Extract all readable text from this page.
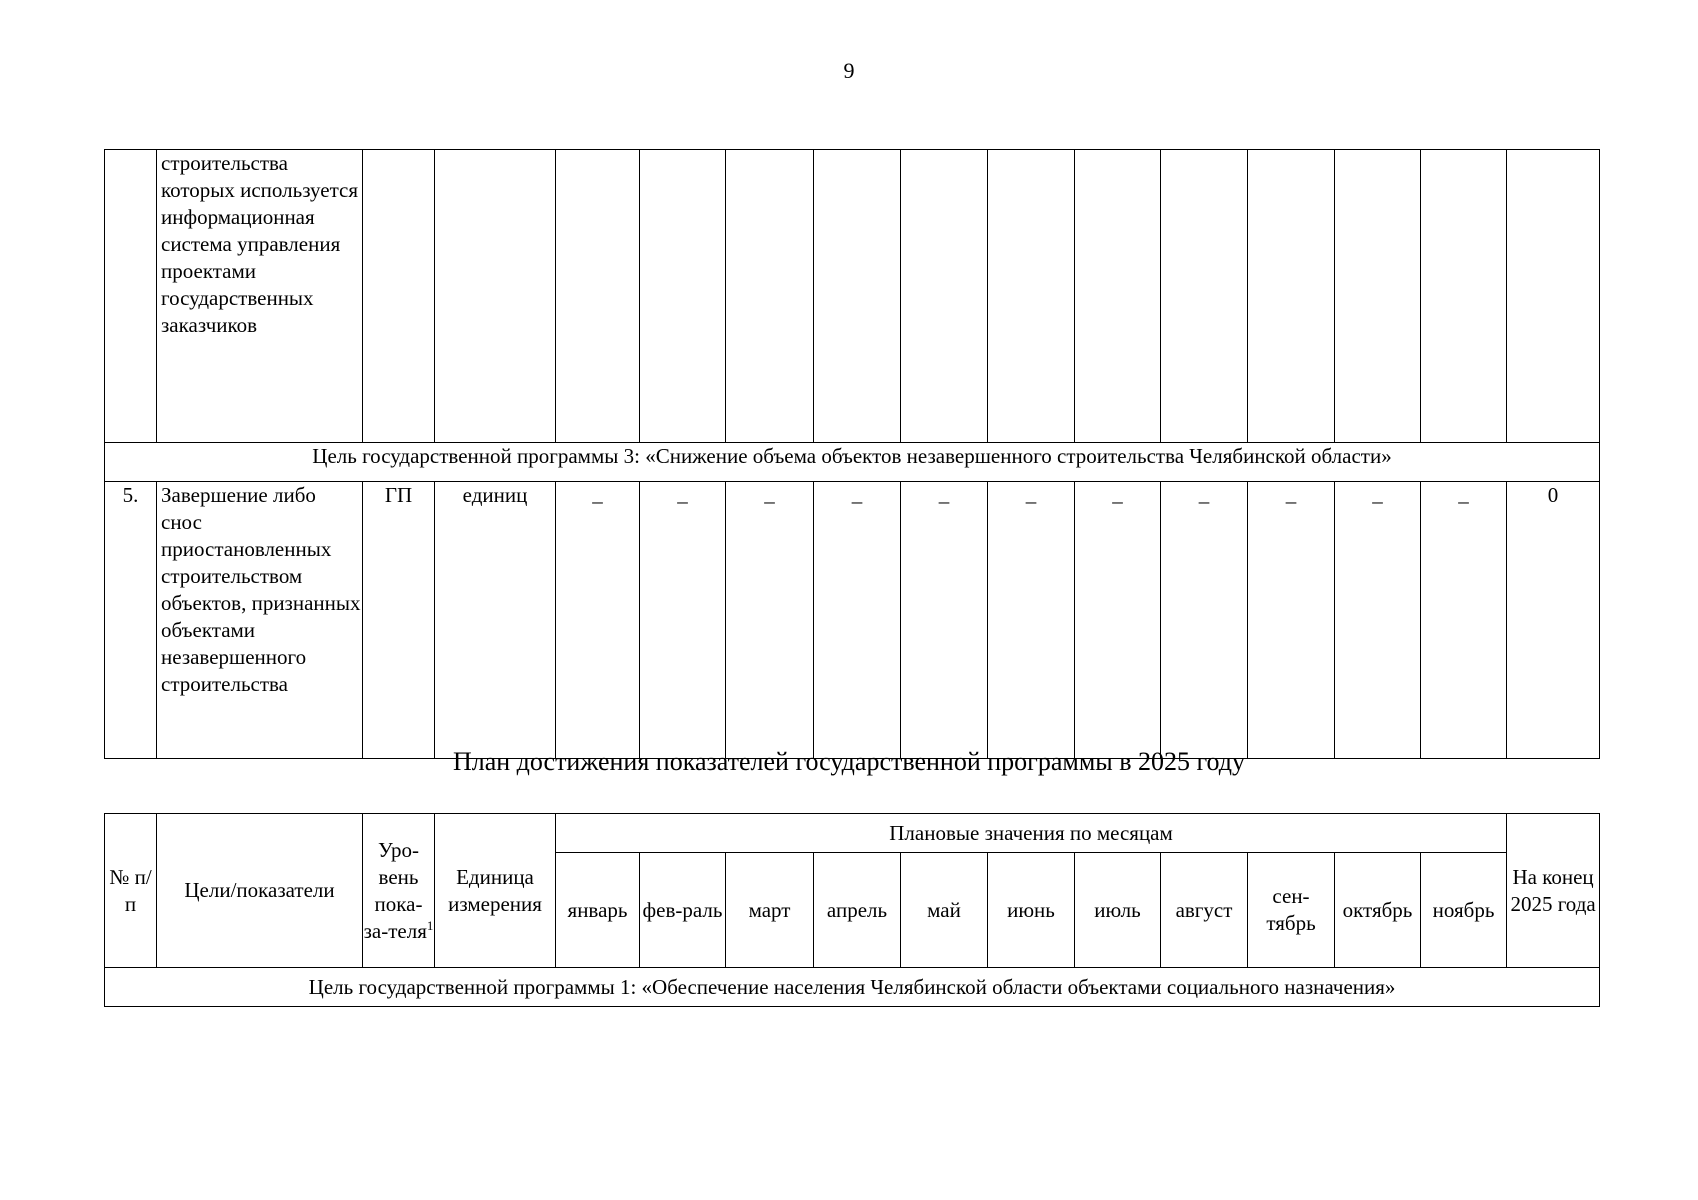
9
	строительства которых используется информационная система управления проектами государственных заказчиков														
Цель государственной программы 3: «Снижение объема объектов незавершенного строительства Челябинской области»															
5.	Завершение либо снос приостановленных строительством объектов, признанных объектами незавершенного строительства	ГП	единиц	–	–	–	–	–	–	–	–	–	–	–	0
План достижения показателей государственной программы в 2025 году
№ п/п	Цели/показатели	Уро-вень пока-за-теля$^1$	Единица измерения	Плановые значения по месяцам											На конец 2025 года
				январь	фев-раль	март	апрель	май	июнь	июль	август	сен-тябрь	октябрь	ноябрь	
Цель государственной программы 1: «Обеспечение населения Челябинской области объектами социального назначения»															
